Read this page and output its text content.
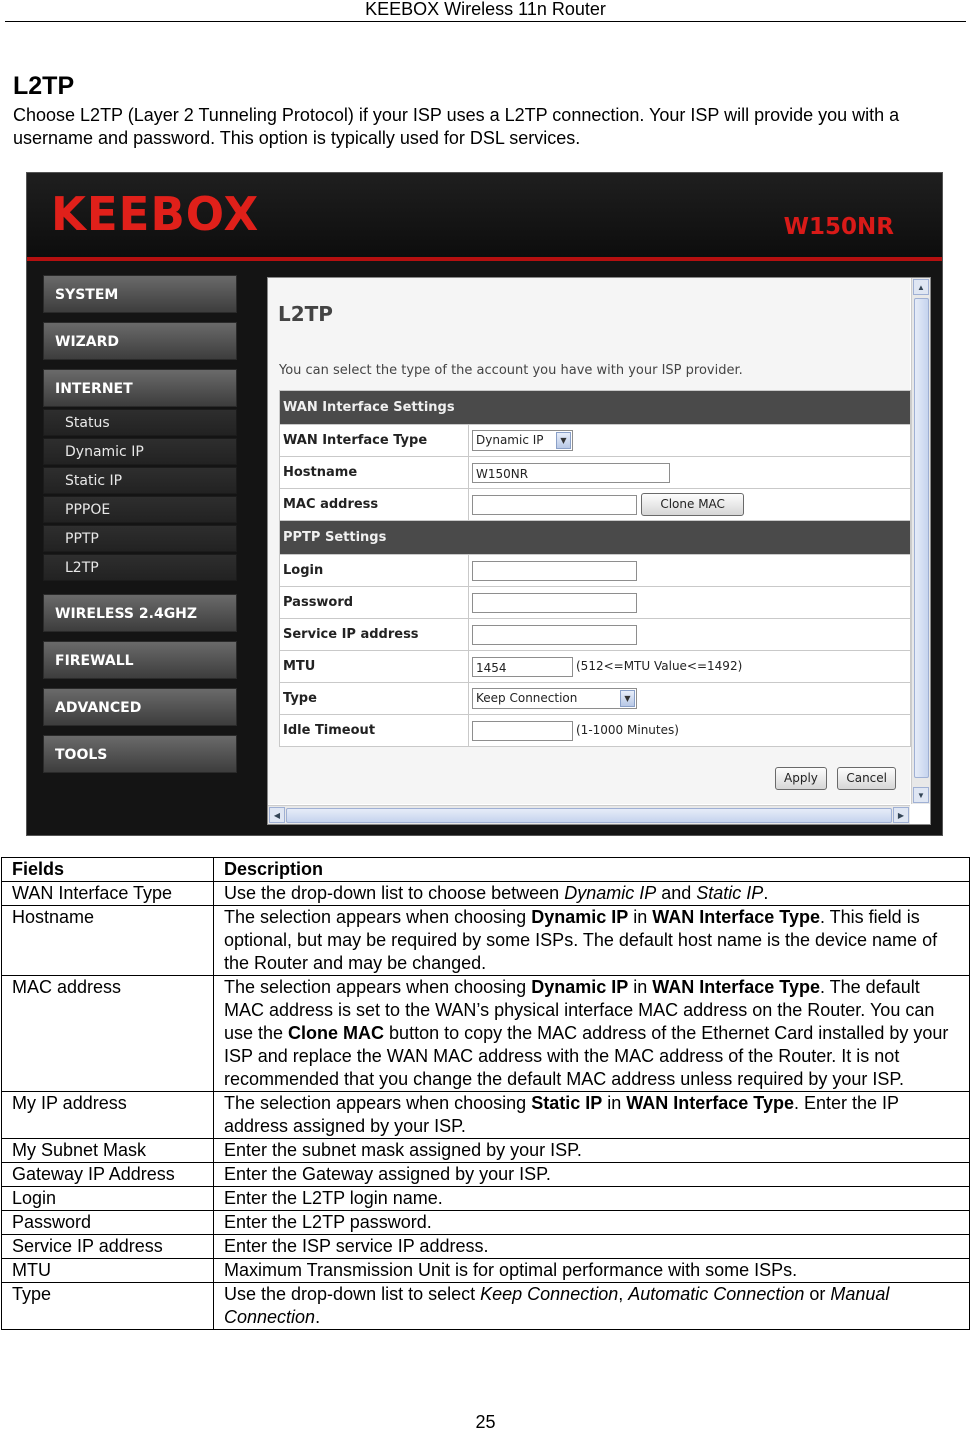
KEEBOX Wireless 11n Router
L2TP
Choose L2TP (Layer 2 Tunneling Protocol) if your ISP uses a L2TP connection. Your ISP will provide you with a username and password. This option is typically used for DSL services.
KEEBOX	W150NR
SYSTEM
WIZARD
INTERNET
Status
Dynamic IP
Static IP
PPPOE
PPTP
L2TP
WIRELESS 2.4GHZ
FIREWALL
ADVANCED
TOOLS
L2TP
You can select the type of the account you have with your ISP provider.
WAN Interface Settings	
WAN Interface Type	Dynamic IP ▼

Hostname	W150NR
MAC address	Clone MAC
PPTP Settings	
Login	
Password	
Service IP address	
MTU	1454 (512<=MTU Value<=1492)
Type	Keep Connection ▼

Idle Timeout	(1-1000 Minutes)
Apply Cancel
▲
▼
◀	▶
Fields	Description
WAN Interface Type	Use the drop-down list to choose between Dynamic IP and Static IP.
Hostname	The selection appears when choosing Dynamic IP in WAN Interface Type. This field is optional, but may be required by some ISPs. The default host name is the device name of the Router and may be changed.
MAC address	The selection appears when choosing Dynamic IP in WAN Interface Type. The default MAC address is set to the WAN’s physical interface MAC address on the Router. You can use the Clone MAC button to copy the MAC address of the Ethernet Card installed by your ISP and replace the WAN MAC address with the MAC address of the Router. It is not recommended that you change the default MAC address unless required by your ISP.
My IP address	The selection appears when choosing Static IP in WAN Interface Type. Enter the IP address assigned by your ISP.
My Subnet Mask	Enter the subnet mask assigned by your ISP.
Gateway IP Address	Enter the Gateway assigned by your ISP.
Login	Enter the L2TP login name.
Password	Enter the L2TP password.
Service IP address	Enter the ISP service IP address.
MTU	Maximum Transmission Unit is for optimal performance with some ISPs.
Type	Use the drop-down list to select Keep Connection, Automatic Connection or Manual Connection.
25
